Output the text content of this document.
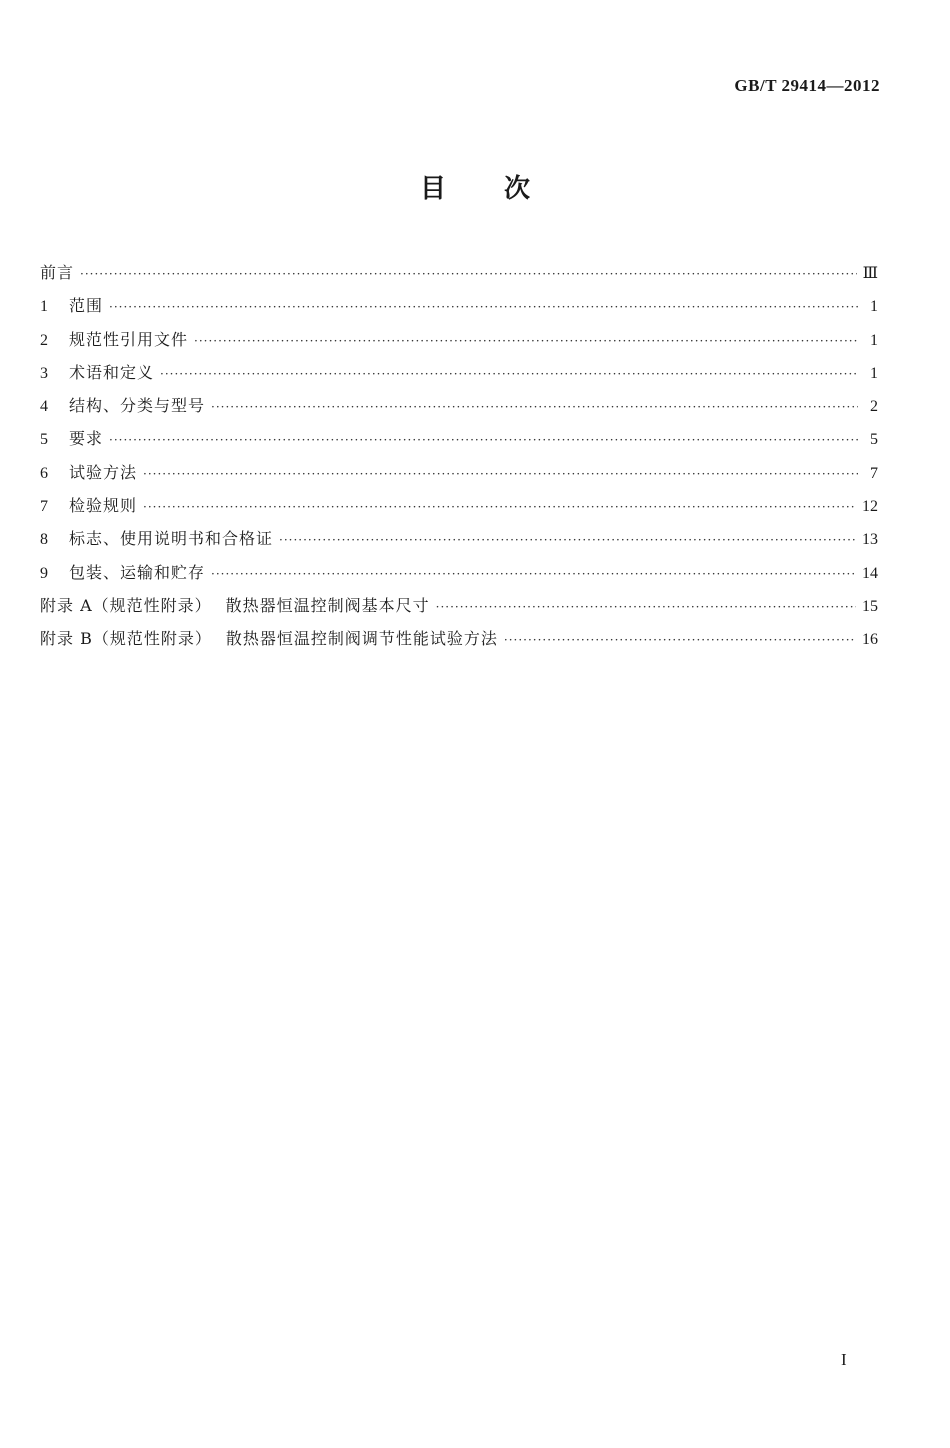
GB/T 29414—2012
目次
前言 ·····	Ⅲ
1	范围 ·····	1
2	规范性引用文件 ·····	1
3	术语和定义 ·····	1
4	结构、分类与型号 ·····	2
5	要求 ·····	5
6	试验方法 ·····	7
7	检验规则 ·····	12
8	标志、使用说明书和合格证 ·····	13
9	包装、运输和贮存 ·····	14
附录 A（规范性附录） 散热器恒温控制阀基本尺寸 ·····	15
附录 B（规范性附录） 散热器恒温控制阀调节性能试验方法 ·····	16
I
